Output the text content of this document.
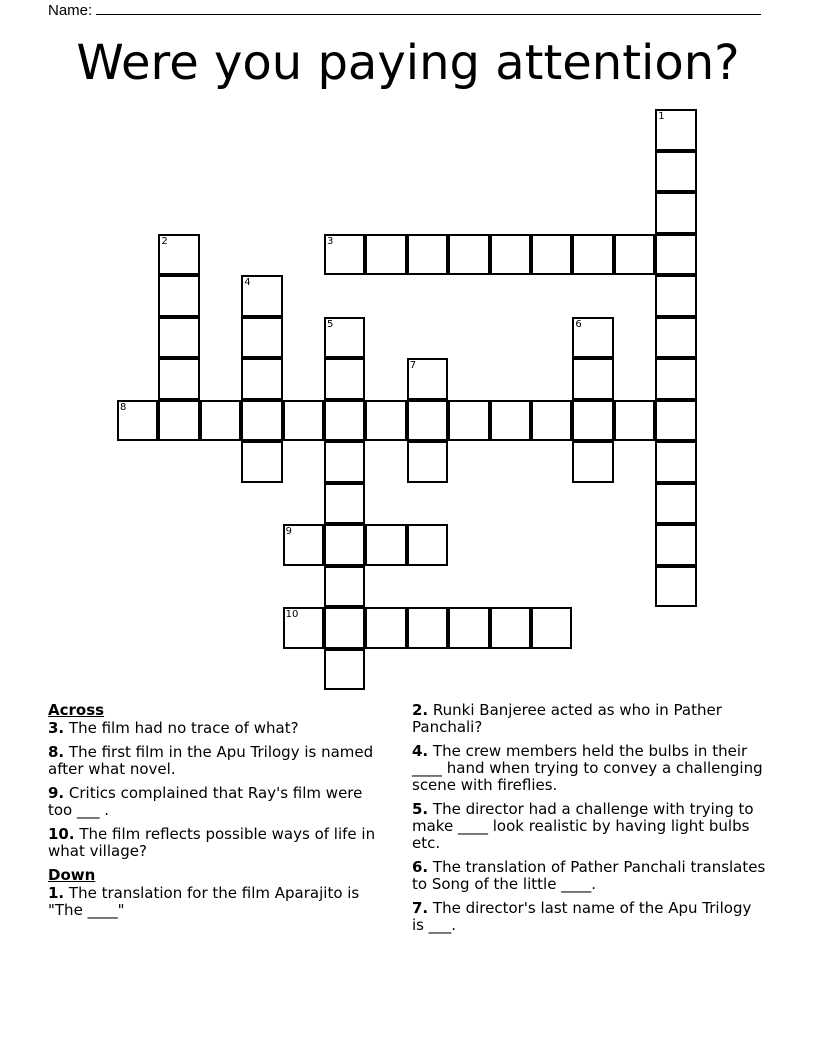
Name:
Were you paying attention?
1
2	3
4
5	6
7
8
9
10
Across
3. The film had no trace of what?
8. The first film in the Apu Trilogy is named after what novel.
9. Critics complained that Ray's film were too ___ .
10. The film reflects possible ways of life in what village?
Down
1. The translation for the film Aparajito is "The ____"
2. Runki Banjeree acted as who in Pather Panchali?
4. The crew members held the bulbs in their ____ hand when trying to convey a challenging scene with fireflies.
5. The director had a challenge with trying to make ____ look realistic by having light bulbs etc.
6. The translation of Pather Panchali translates to Song of the little ____.
7. The director's last name of the Apu Trilogy is ___.
